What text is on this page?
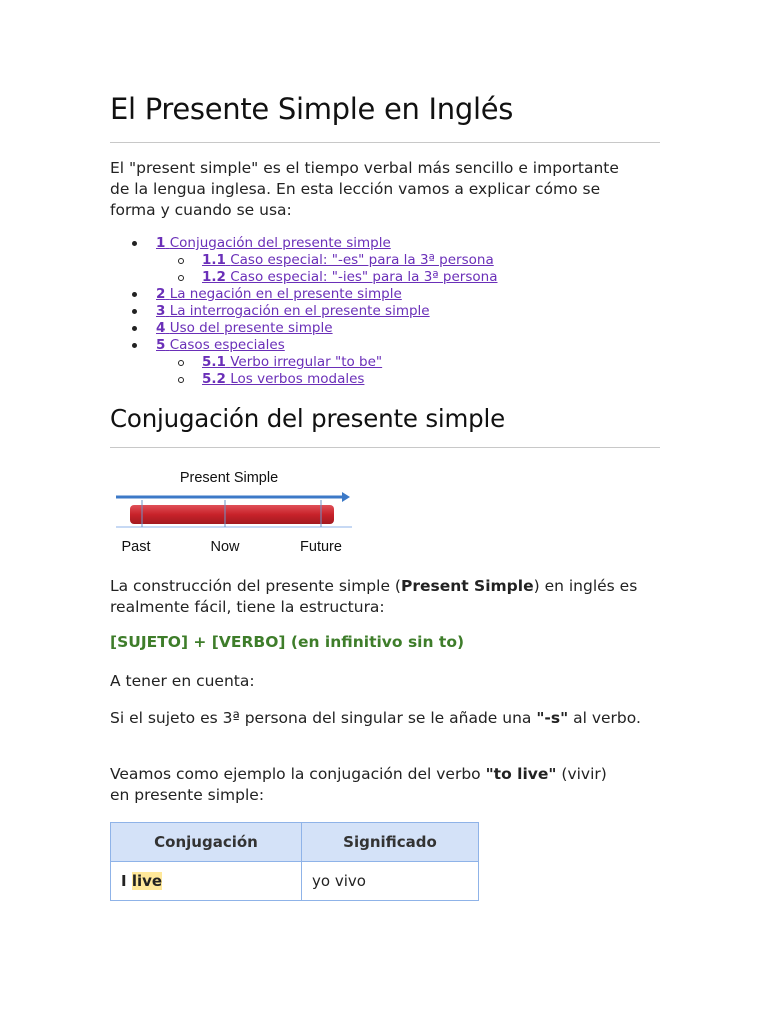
El Presente Simple en Inglés

El "present simple" es el tiempo verbal más sencillo e importante de la lengua inglesa. En esta lección vamos a explicar cómo se forma y cuando se usa:

1 Conjugación del presente simple
1.1 Caso especial: "-es" para la 3ª persona
1.2 Caso especial: "-ies" para la 3ª persona
2 La negación en el presente simple
3 La interrogación en el presente simple
4 Uso del presente simple
5 Casos especiales
5.1 Verbo irregular "to be"
5.2 Los verbos modales
Conjugación del presente simple
Present Simple
Past	Now	Future

La construcción del presente simple (Present Simple) en inglés es realmente fácil, tiene la estructura:

[SUJETO] + [VERBO] (en infinitivo sin to)

A tener en cuenta:

Si el sujeto es 3ª persona del singular se le añade una "-s" al verbo.

Veamos como ejemplo la conjugación del verbo "to live" (vivir) en presente simple:

Conjugación	Significado
I live	yo vivo
